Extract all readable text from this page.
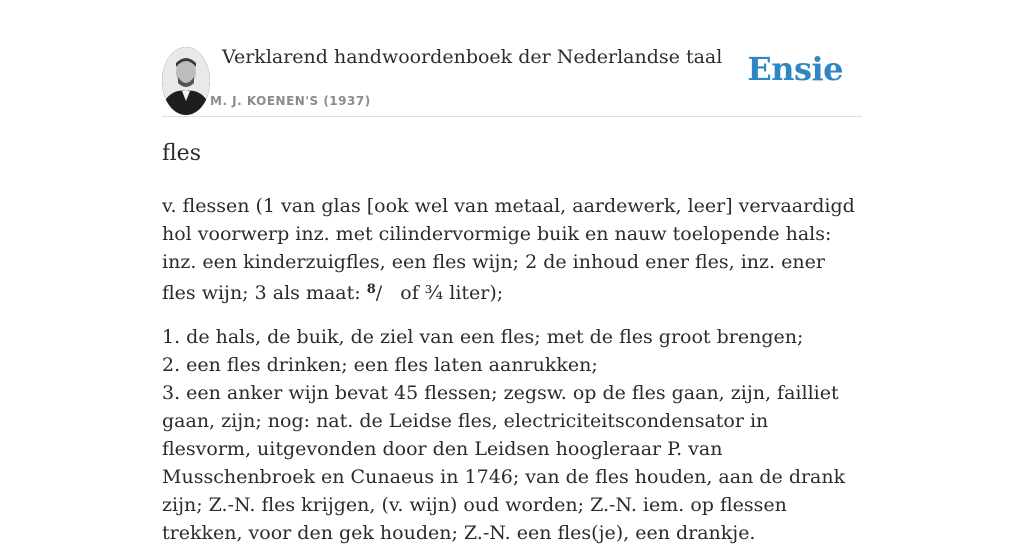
Verklarend handwoordenboek der Nederlandse taal
M. J. KOENEN'S (1937)
Ensie
fles
v. flessen (1 van glas [ook wel van metaal, aardewerk, leer] vervaardigd hol voorwerp inz. met cilindervormige buik en nauw toelopende hals: inz. een kinderzuigfles, een fles wijn; 2 de inhoud ener fles, inz. ener fles wijn; 3 als maat: $^8$/ of ¾ liter);
1. de hals, de buik, de ziel van een fles; met de fles groot brengen;
2. een fles drinken; een fles laten aanrukken;
3. een anker wijn bevat 45 flessen; zegsw. op de fles gaan, zijn, failliet gaan, zijn; nog: nat. de Leidse fles, electriciteitscondensator in flesvorm, uitgevonden door den Leidsen hoogleraar P. van Musschenbroek en Cunaeus in 1746; van de fles houden, aan de drank zijn; Z.-N. fles krijgen, (v. wijn) oud worden; Z.-N. iem. op flessen trekken, voor den gek houden; Z.-N. een fles(je), een drankje.
